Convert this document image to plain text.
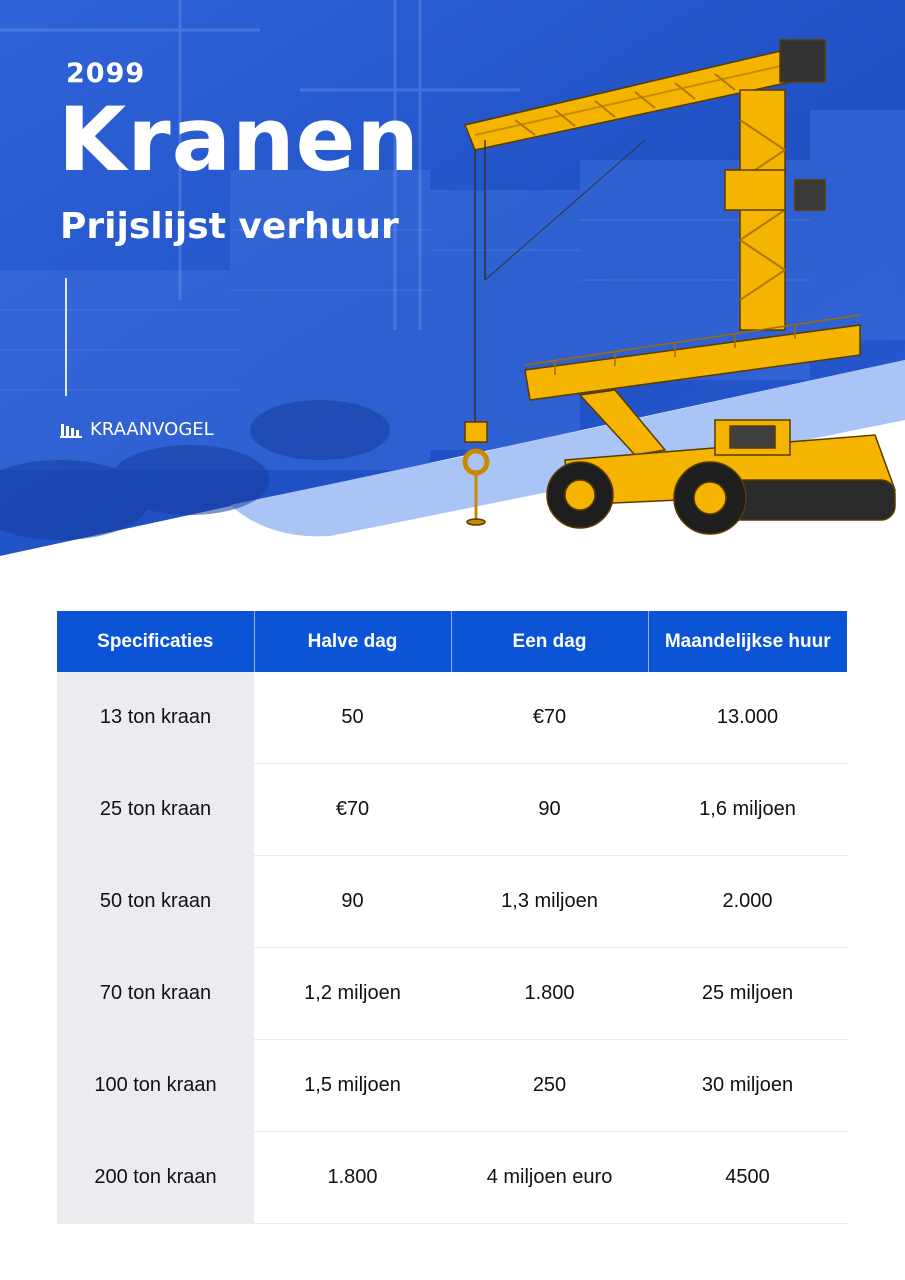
2099
Kranen
Prijslijst verhuur
KRAANVOGEL
Specificaties	Halve dag	Een dag	Maandelijkse huur
13 ton kraan	50	€70	13.000
25 ton kraan	€70	90	1,6 miljoen
50 ton kraan	90	1,3 miljoen	2.000
70 ton kraan	1,2 miljoen	1.800	25 miljoen
100 ton kraan	1,5 miljoen	250	30 miljoen
200 ton kraan	1.800	4 miljoen euro	4500
